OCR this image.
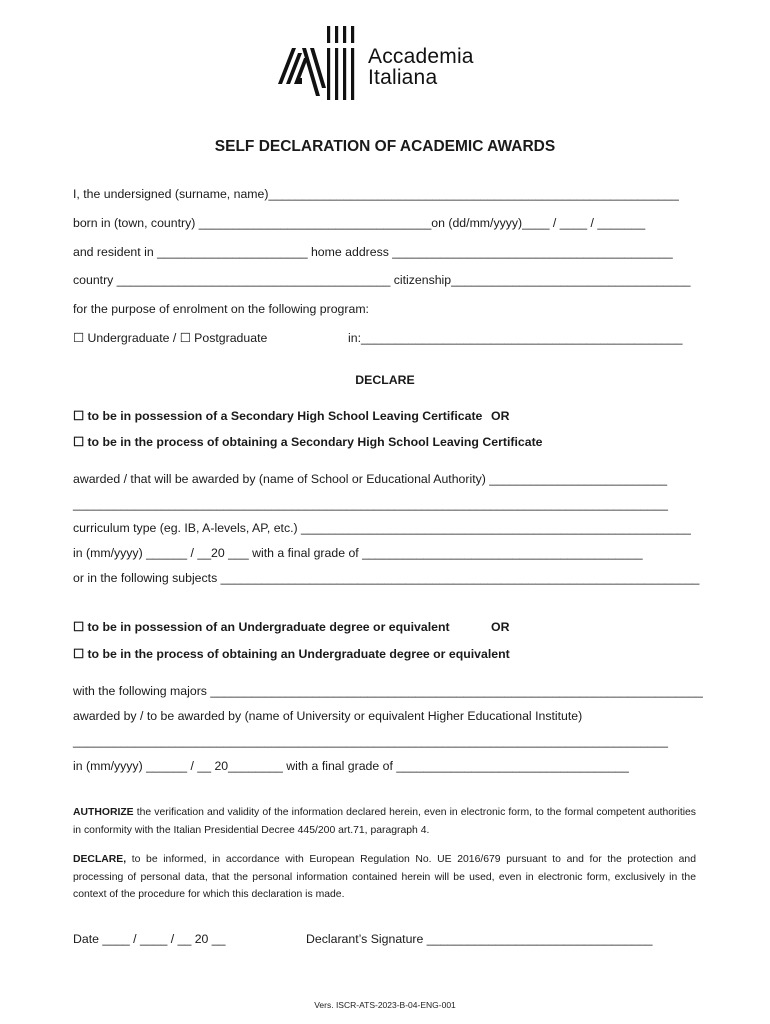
Accademia
Italiana
SELF DECLARATION OF ACADEMIC AWARDS
I, the undersigned (surname, name)____________________________________________________________
born in (town, country) __________________________________on (dd/mm/yyyy)____ / ____ / _______
and resident in ______________________ home address _________________________________________
country ________________________________________ citizenship___________________________________
for the purpose of enrolment on the following program:
☐ Undergraduate / ☐ Postgraduate	in:_______________________________________________
DECLARE
☐ to be in possession of a Secondary High School Leaving Certificate OR
☐ to be in the process of obtaining a Secondary High School Leaving Certificate
awarded / that will be awarded by (name of School or Educational Authority) __________________________
_______________________________________________________________________________________
curriculum type (eg. IB, A-levels, AP, etc.) _________________________________________________________
in (mm/yyyy) ______ / __20 ___ with a final grade of _________________________________________
or in the following subjects ______________________________________________________________________
☐ to be in possession of an Undergraduate degree or equivalent	OR
☐ to be in the process of obtaining an Undergraduate degree or equivalent
with the following majors ________________________________________________________________________
awarded by / to be awarded by (name of University or equivalent Higher Educational Institute)
_______________________________________________________________________________________
in (mm/yyyy) ______ / __ 20________ with a final grade of __________________________________
AUTHORIZE the verification and validity of the information declared herein, even in electronic form, to the formal competent authorities in conformity with the Italian Presidential Decree 445/200 art.71, paragraph 4.
DECLARE, to be informed, in accordance with European Regulation No. UE 2016/679 pursuant to and for the protection and processing of personal data, that the personal information contained herein will be used, even in electronic form, exclusively in the context of the procedure for which this declaration is made.
Date ____ / ____ / __ 20 __	Declarant’s Signature _________________________________
Vers. ISCR-ATS-2023-B-04-ENG-001
